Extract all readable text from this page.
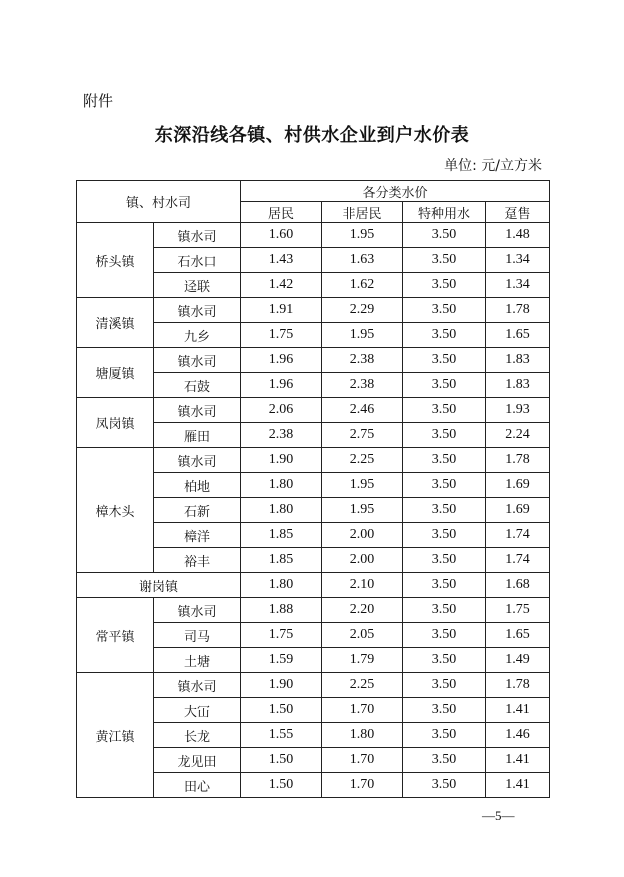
附件
东深沿线各镇、村供水企业到户水价表
单位: 元/立方米
镇、村水司		各分类水价			
		居民	非居民	特种用水	趸售
桥头镇	镇水司	1.60	1.95	3.50	1.48
	石水口	1.43	1.63	3.50	1.34
	迳联	1.42	1.62	3.50	1.34
清溪镇	镇水司	1.91	2.29	3.50	1.78
	九乡	1.75	1.95	3.50	1.65
塘厦镇	镇水司	1.96	2.38	3.50	1.83
	石鼓	1.96	2.38	3.50	1.83
凤岗镇	镇水司	2.06	2.46	3.50	1.93
	雁田	2.38	2.75	3.50	2.24
樟木头	镇水司	1.90	2.25	3.50	1.78
	柏地	1.80	1.95	3.50	1.69
	石新	1.80	1.95	3.50	1.69
	樟洋	1.85	2.00	3.50	1.74
	裕丰	1.85	2.00	3.50	1.74
谢岗镇		1.80	2.10	3.50	1.68
常平镇	镇水司	1.88	2.20	3.50	1.75
	司马	1.75	2.05	3.50	1.65
	土塘	1.59	1.79	3.50	1.49
黄江镇	镇水司	1.90	2.25	3.50	1.78
	大冚	1.50	1.70	3.50	1.41
	长龙	1.55	1.80	3.50	1.46
	龙见田	1.50	1.70	3.50	1.41
	田心	1.50	1.70	3.50	1.41
—5—
